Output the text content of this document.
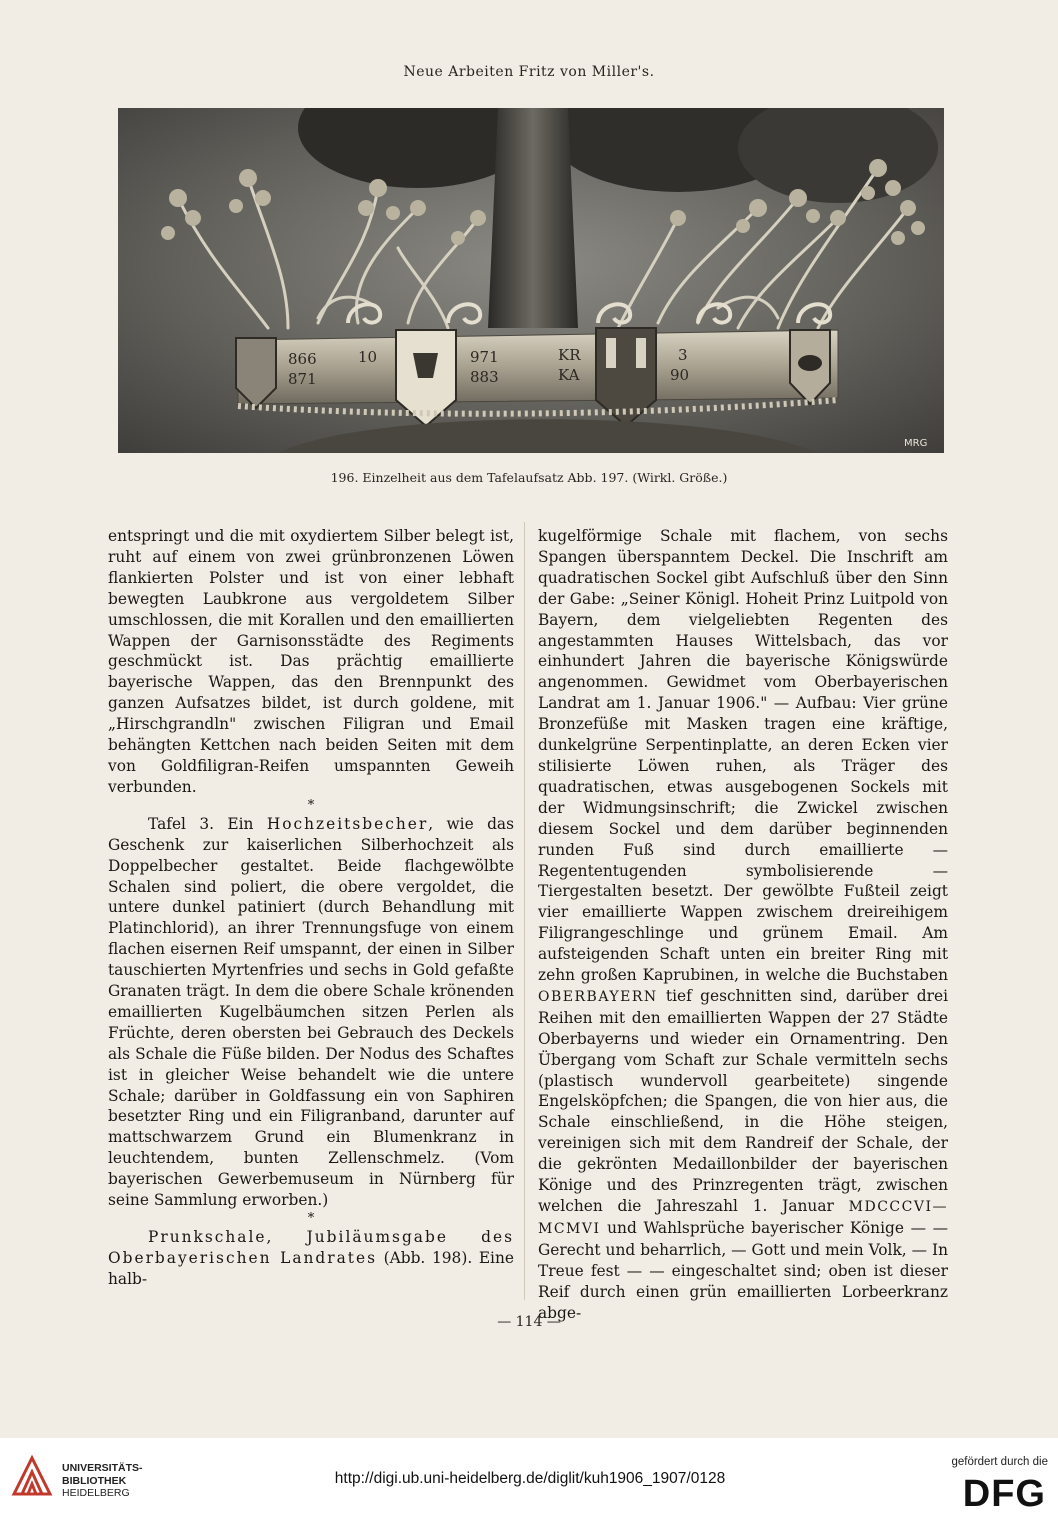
Neue Arbeiten Fritz von Miller's.
866
871
10	971
883
KR
KA
3
90
MRG
196. Einzelheit aus dem Tafelaufsatz Abb. 197. (Wirkl. Größe.)

entspringt und die mit oxydiertem Silber belegt ist, ruht auf einem von zwei grünbronzenen Löwen flankierten Polster und ist von einer lebhaft bewegten Laubkrone aus vergoldetem Silber umschlossen, die mit Korallen und den emaillierten Wappen der Garnisonsstädte des Regiments geschmückt ist. Das prächtig emaillierte bayerische Wappen, das den Brennpunkt des ganzen Aufsatzes bildet, ist durch goldene, mit „Hirschgrandln" zwischen Filigran und Email behängten Kettchen nach beiden Seiten mit dem von Goldfiligran-Reifen umspannten Geweih verbunden.

*

Tafel 3. Ein Hochzeitsbecher, wie das Geschenk zur kaiserlichen Silberhochzeit als Doppelbecher gestaltet. Beide flachgewölbte Schalen sind poliert, die obere vergoldet, die untere dunkel patiniert (durch Behandlung mit Platinchlorid), an ihrer Trennungsfuge von einem flachen eisernen Reif umspannt, der einen in Silber tauschierten Myrtenfries und sechs in Gold gefaßte Granaten trägt. In dem die obere Schale krönenden emaillierten Kugelbäumchen sitzen Perlen als Früchte, deren obersten bei Gebrauch des Deckels als Schale die Füße bilden. Der Nodus des Schaftes ist in gleicher Weise behandelt wie die untere Schale; darüber in Goldfassung ein von Saphiren besetzter Ring und ein Filigranband, darunter auf mattschwarzem Grund ein Blumenkranz in leuchtendem, bunten Zellenschmelz. (Vom bayerischen Gewerbemuseum in Nürnberg für seine Sammlung erworben.)

*

Prunkschale, Jubiläumsgabe des Oberbayerischen Landrates (Abb. 198). Eine halb-

kugelförmige Schale mit flachem, von sechs Spangen überspanntem Deckel. Die Inschrift am quadratischen Sockel gibt Aufschluß über den Sinn der Gabe: „Seiner Königl. Hoheit Prinz Luitpold von Bayern, dem vielgeliebten Regenten des angestammten Hauses Wittelsbach, das vor einhundert Jahren die bayerische Königswürde angenommen. Gewidmet vom Oberbayerischen Landrat am 1. Januar 1906." — Aufbau: Vier grüne Bronzefüße mit Masken tragen eine kräftige, dunkelgrüne Serpentinplatte, an deren Ecken vier stilisierte Löwen ruhen, als Träger des quadratischen, etwas ausgebogenen Sockels mit der Widmungsinschrift; die Zwickel zwischen diesem Sockel und dem darüber beginnenden runden Fuß sind durch emaillierte — Regententugenden symbolisierende — Tiergestalten besetzt. Der gewölbte Fußteil zeigt vier emaillierte Wappen zwischem dreireihigem Filigrangeschlinge und grünem Email. Am aufsteigenden Schaft unten ein breiter Ring mit zehn großen Kaprubinen, in welche die Buchstaben OBERBAYERN tief geschnitten sind, darüber drei Reihen mit den emaillierten Wappen der 27 Städte Oberbayerns und wieder ein Ornamentring. Den Übergang vom Schaft zur Schale vermitteln sechs (plastisch wundervoll gearbeitete) singende Engelsköpfchen; die Spangen, die von hier aus, die Schale einschließend, in die Höhe steigen, vereinigen sich mit dem Randreif der Schale, der die gekrönten Medaillonbilder der bayerischen Könige und des Prinzregenten trägt, zwischen welchen die Jahreszahl 1. Januar MDCCCVI—MCMVI und Wahlsprüche bayerischer Könige — — Gerecht und beharrlich, — Gott und mein Volk, — In Treue fest — — eingeschaltet sind; oben ist dieser Reif durch einen grün emaillierten Lorbeerkranz abge-

— 114 —
UNIVERSITÄTS-
BIBLIOTHEK
HEIDELBERG
http://digi.ub.uni-heidelberg.de/diglit/kuh1906_1907/0128
gefördert durch die
DFG
